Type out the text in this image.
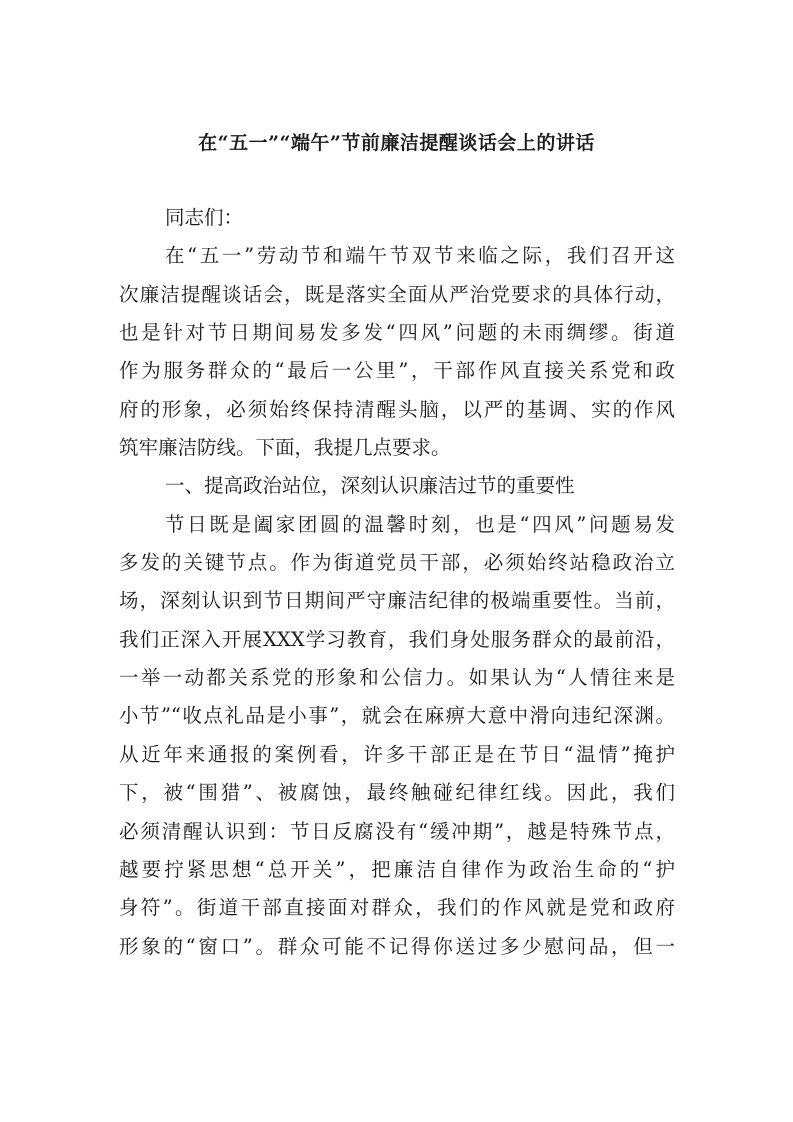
在“五一”“端午”节前廉洁提醒谈话会上的讲话
同志们：
在“五一”劳动节和端午节双节来临之际，我们召开这
次廉洁提醒谈话会，既是落实全面从严治党要求的具体行动，
也是针对节日期间易发多发“四风”问题的未雨绸缪。街道
作为服务群众的“最后一公里”，干部作风直接关系党和政
府的形象，必须始终保持清醒头脑，以严的基调、实的作风
筑牢廉洁防线。下面，我提几点要求。
一、提高政治站位，深刻认识廉洁过节的重要性
节日既是阖家团圆的温馨时刻，也是“四风”问题易发
多发的关键节点。作为街道党员干部，必须始终站稳政治立
场，深刻认识到节日期间严守廉洁纪律的极端重要性。当前，
我们正深入开展XXX学习教育，我们身处服务群众的最前沿，
一举一动都关系党的形象和公信力。如果认为“人情往来是
小节”“收点礼品是小事”，就会在麻痹大意中滑向违纪深渊。
从近年来通报的案例看，许多干部正是在节日“温情”掩护
下，被“围猎”、被腐蚀，最终触碰纪律红线。因此，我们
必须清醒认识到：节日反腐没有“缓冲期”，越是特殊节点，
越要拧紧思想“总开关”，把廉洁自律作为政治生命的“护
身符”。街道干部直接面对群众，我们的作风就是党和政府
形象的“窗口”。群众可能不记得你送过多少慰问品，但一
